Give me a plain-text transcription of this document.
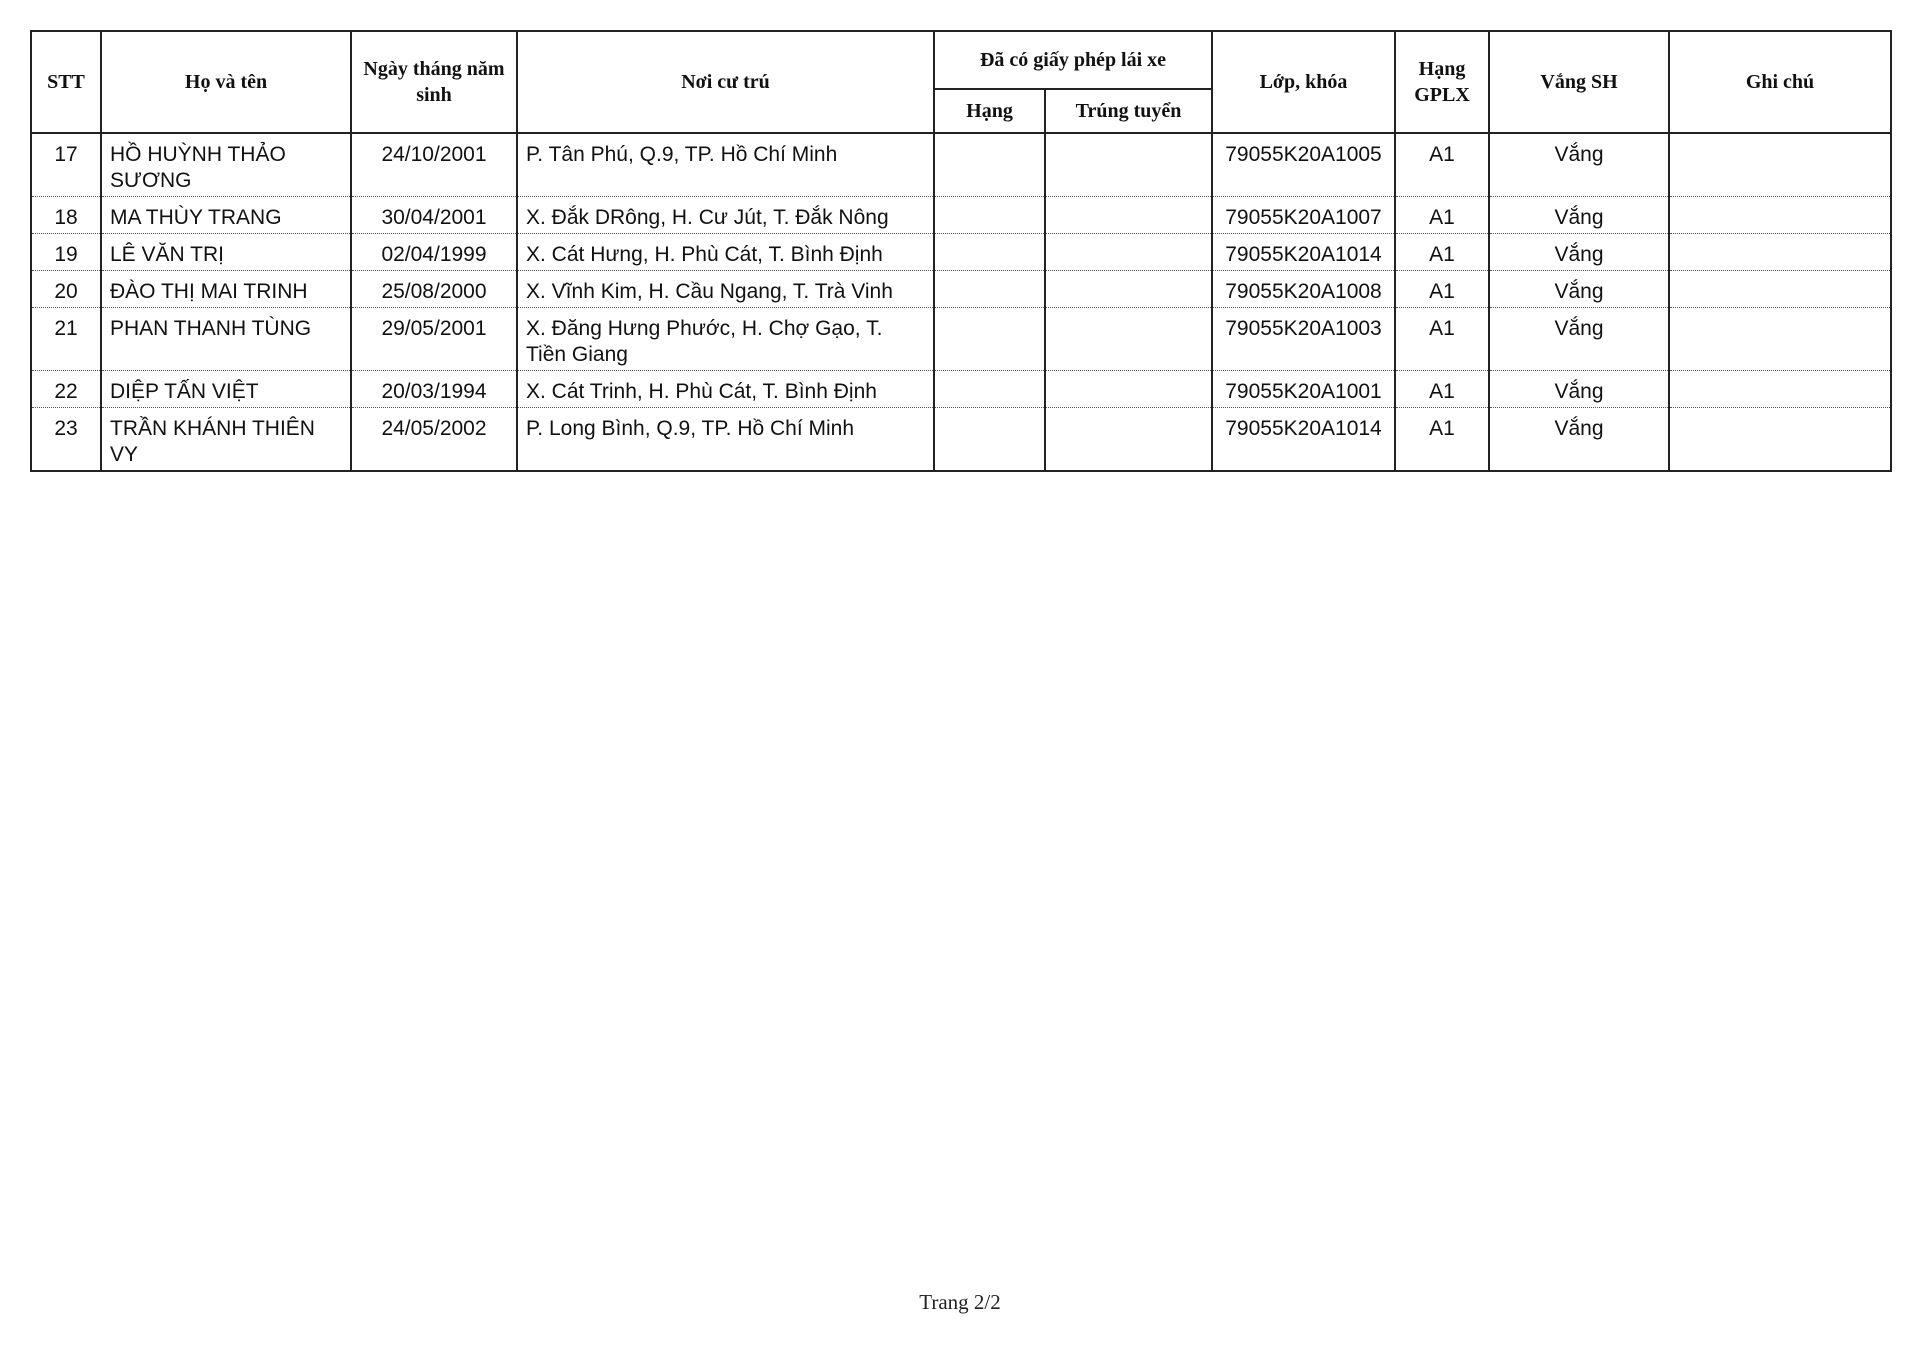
STT	Họ và tên	Ngày tháng năm sinh	Nơi cư trú	Đã có giấy phép lái xe		Lớp, khóa	Hạng GPLX	Vắng SH	Ghi chú
				Hạng	Trúng tuyển				
17	HỒ HUỲNH THẢO SƯƠNG	24/10/2001	P. Tân Phú, Q.9, TP. Hồ Chí Minh			79055K20A1005	A1	Vắng	
18	MA THÙY TRANG	30/04/2001	X. Đắk DRông, H. Cư Jút, T. Đắk Nông			79055K20A1007	A1	Vắng	
19	LÊ VĂN TRỊ	02/04/1999	X. Cát Hưng, H. Phù Cát, T. Bình Định			79055K20A1014	A1	Vắng	
20	ĐÀO THỊ MAI TRINH	25/08/2000	X. Vĩnh Kim, H. Cầu Ngang, T. Trà Vinh			79055K20A1008	A1	Vắng	
21	PHAN THANH TÙNG	29/05/2001	X. Đăng Hưng Phước, H. Chợ Gạo, T. Tiền Giang			79055K20A1003	A1	Vắng	
22	DIỆP TẤN VIỆT	20/03/1994	X. Cát Trinh, H. Phù Cát, T. Bình Định			79055K20A1001	A1	Vắng	
23	TRẦN KHÁNH THIÊN VY	24/05/2002	P. Long Bình, Q.9, TP. Hồ Chí Minh			79055K20A1014	A1	Vắng	
Trang 2/2
